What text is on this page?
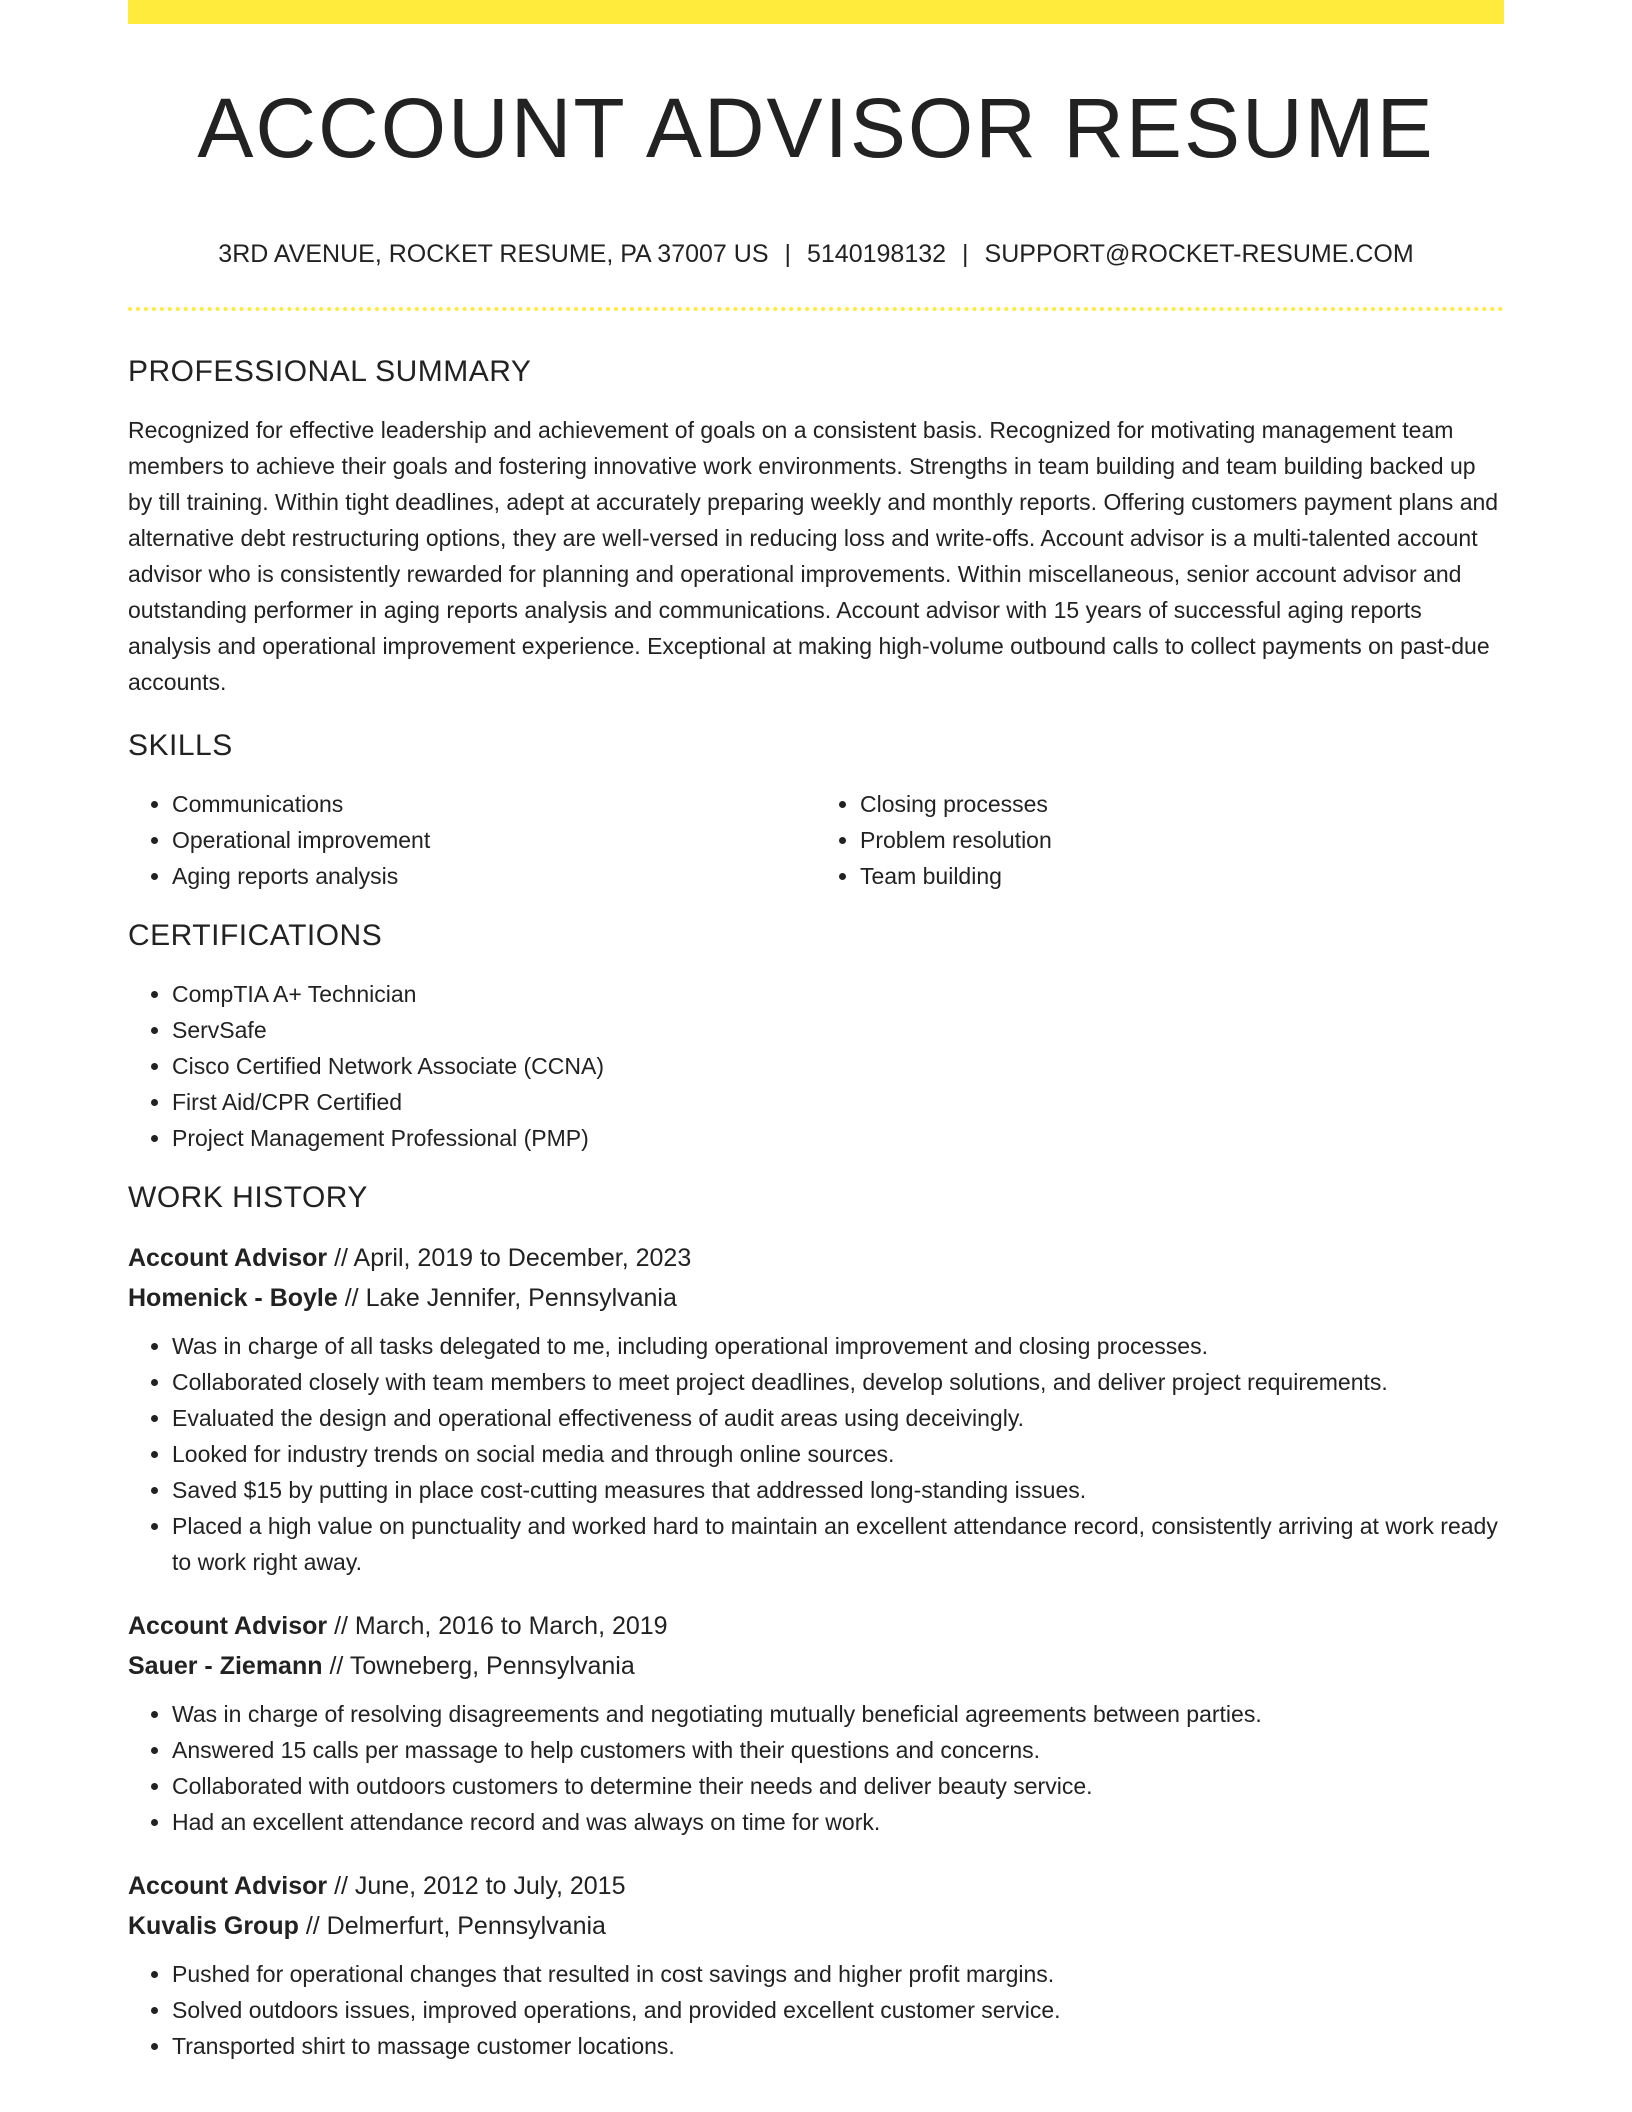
ACCOUNT ADVISOR RESUME
3RD AVENUE, ROCKET RESUME, PA 37007 US | 5140198132 | SUPPORT@ROCKET-RESUME.COM
PROFESSIONAL SUMMARY

Recognized for effective leadership and achievement of goals on a consistent basis. Recognized for motivating management team members to achieve their goals and fostering innovative work environments. Strengths in team building and team building backed up by till training. Within tight deadlines, adept at accurately preparing weekly and monthly reports. Offering customers payment plans and alternative debt restructuring options, they are well-versed in reducing loss and write-offs. Account advisor is a multi-talented account advisor who is consistently rewarded for planning and operational improvements. Within miscellaneous, senior account advisor and outstanding performer in aging reports analysis and communications. Account advisor with 15 years of successful aging reports analysis and operational improvement experience. Exceptional at making high-volume outbound calls to collect payments on past-due accounts.

SKILLS
• Communications
• Operational improvement
• Aging reports analysis
• Closing processes
• Problem resolution
• Team building
CERTIFICATIONS
• CompTIA A+ Technician
• ServSafe
• Cisco Certified Network Associate (CCNA)
• First Aid/CPR Certified
• Project Management Professional (PMP)
WORK HISTORY
Account Advisor // April, 2019 to December, 2023
Homenick - Boyle // Lake Jennifer, Pennsylvania
• Was in charge of all tasks delegated to me, including operational improvement and closing processes.
• Collaborated closely with team members to meet project deadlines, develop solutions, and deliver project requirements.
• Evaluated the design and operational effectiveness of audit areas using deceivingly.
• Looked for industry trends on social media and through online sources.
• Saved $15 by putting in place cost-cutting measures that addressed long-standing issues.
• Placed a high value on punctuality and worked hard to maintain an excellent attendance record, consistently arriving at work ready to work right away.
Account Advisor // March, 2016 to March, 2019
Sauer - Ziemann // Towneberg, Pennsylvania
• Was in charge of resolving disagreements and negotiating mutually beneficial agreements between parties.
• Answered 15 calls per massage to help customers with their questions and concerns.
• Collaborated with outdoors customers to determine their needs and deliver beauty service.
• Had an excellent attendance record and was always on time for work.
Account Advisor // June, 2012 to July, 2015
Kuvalis Group // Delmerfurt, Pennsylvania
• Pushed for operational changes that resulted in cost savings and higher profit margins.
• Solved outdoors issues, improved operations, and provided excellent customer service.
• Transported shirt to massage customer locations.
